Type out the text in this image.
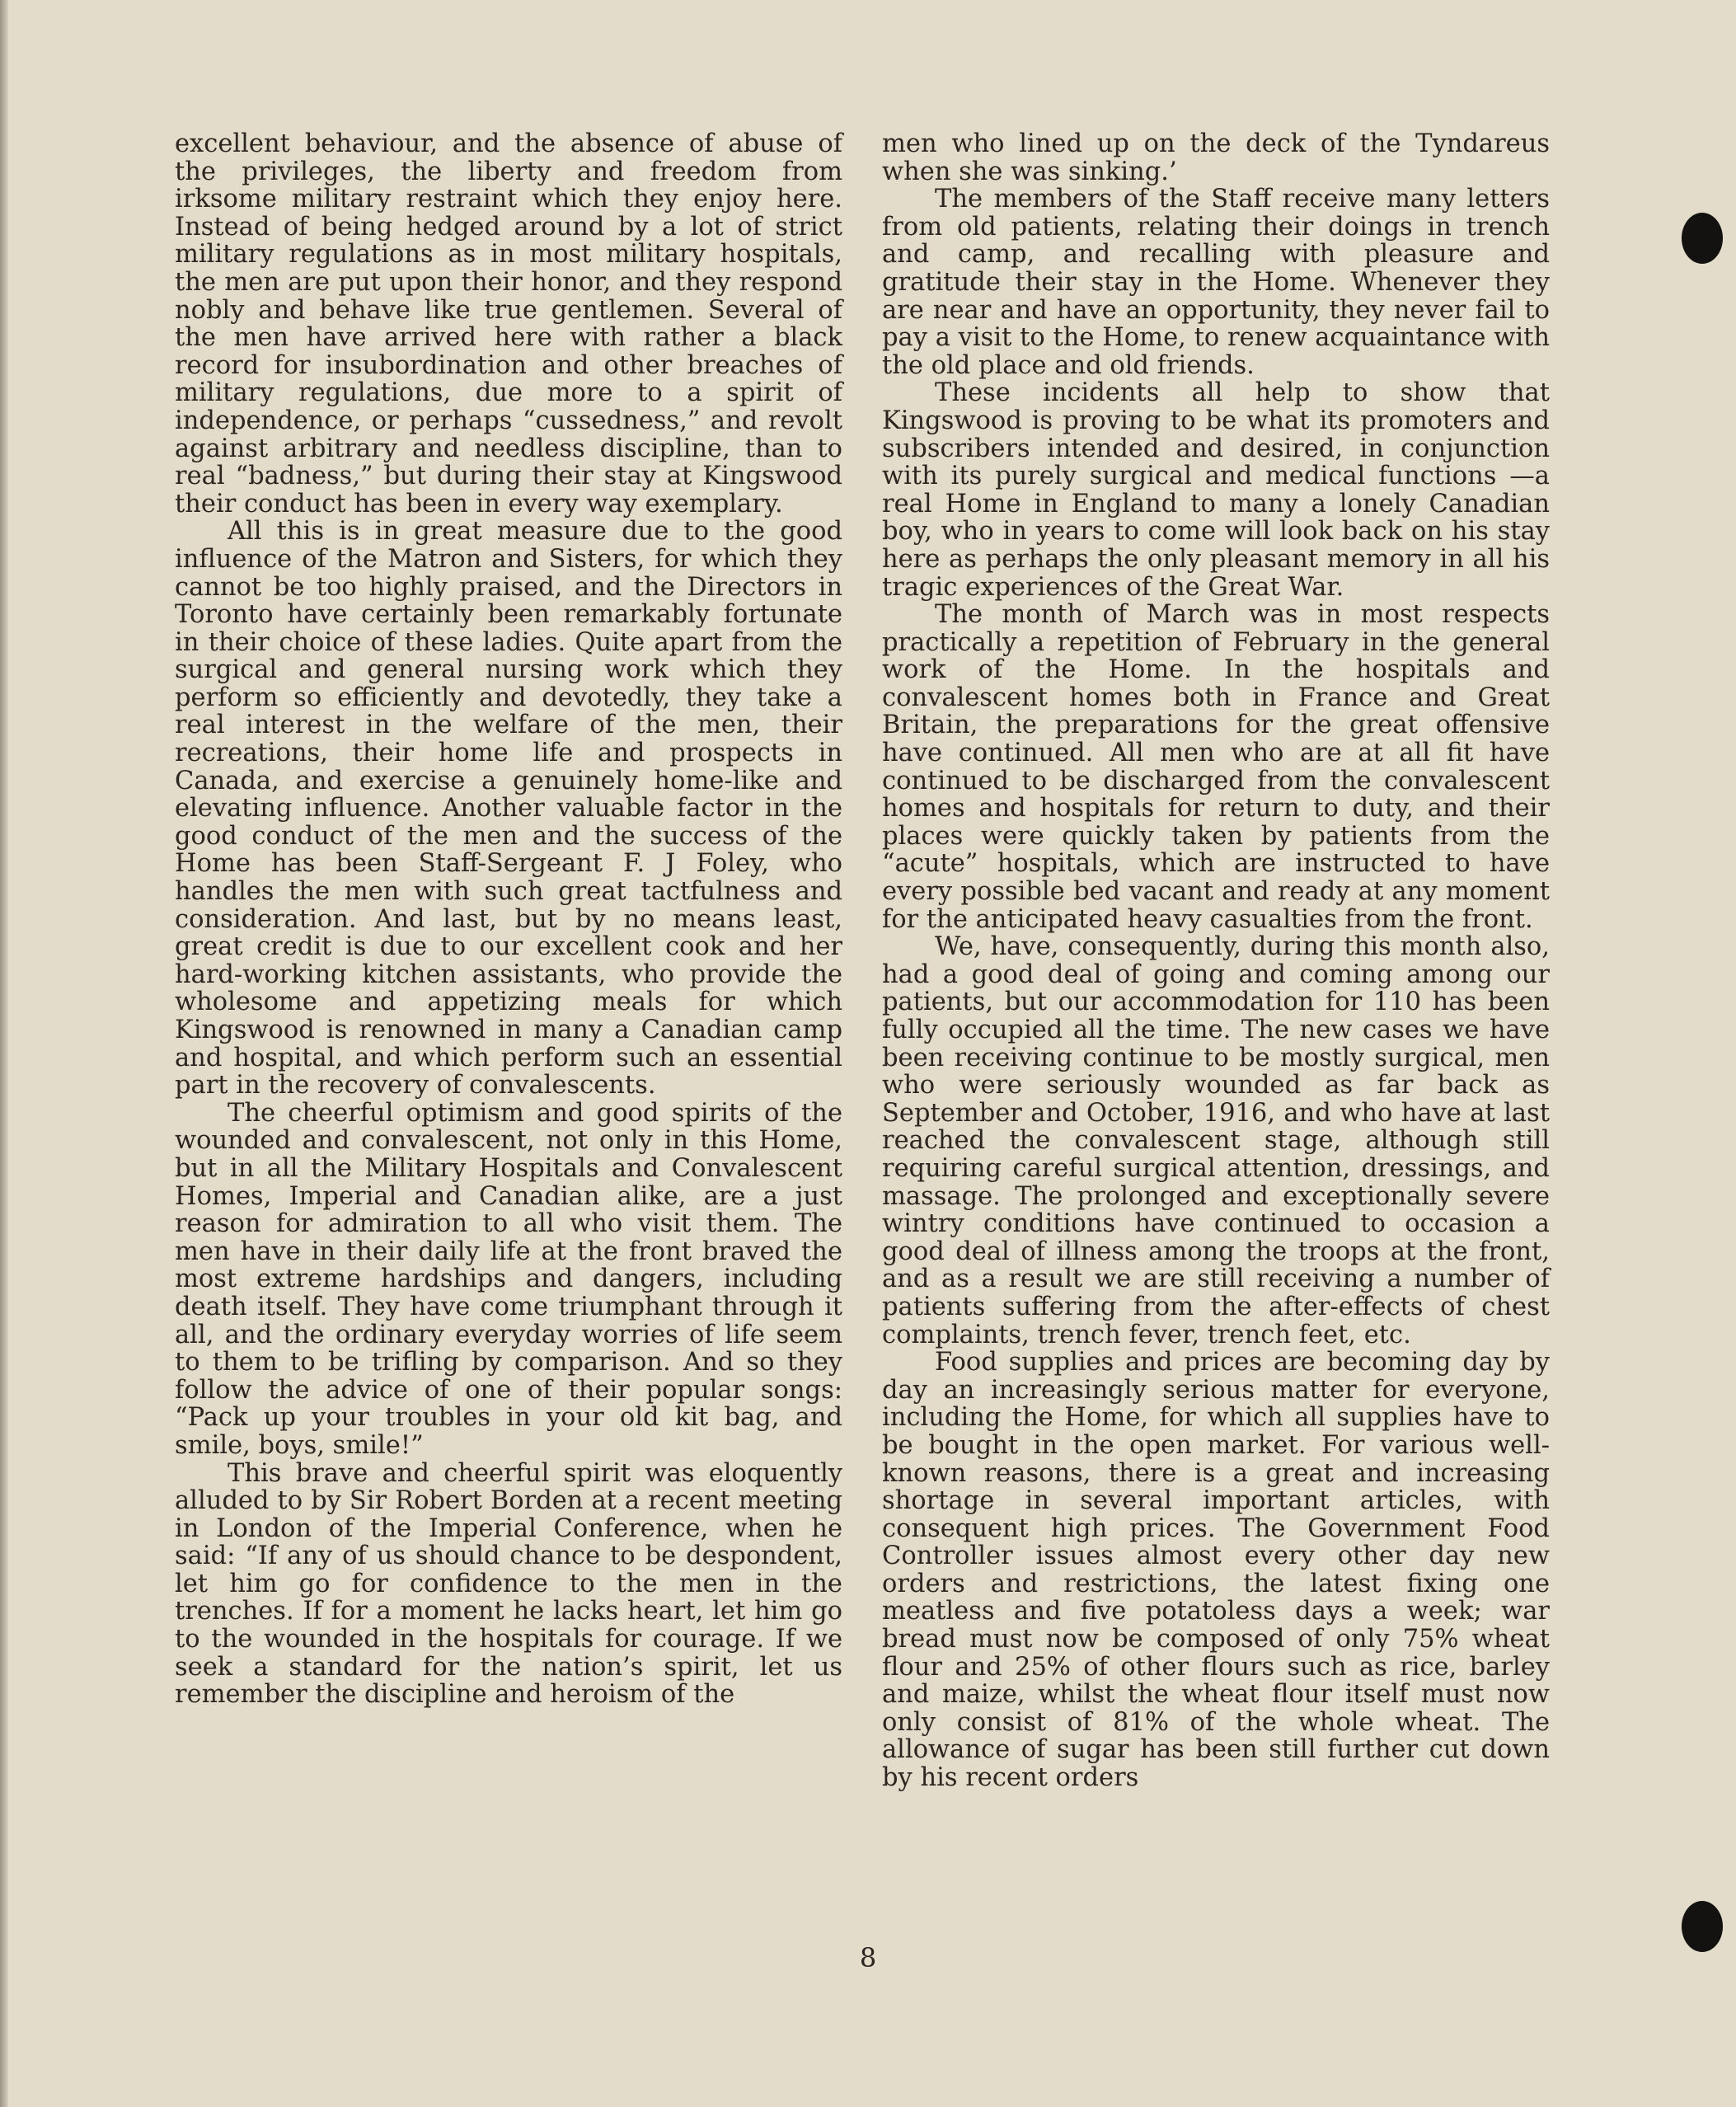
excellent behaviour, and the absence of abuse of the privileges, the liberty and freedom from irksome military restraint which they enjoy here. Instead of being hedged around by a lot of strict military regulations as in most military hospitals, the men are put upon their honor, and they respond nobly and behave like true gentlemen. Several of the men have arrived here with rather a black record for insubordination and other breaches of military regulations, due more to a spirit of independence, or perhaps “cussedness,” and revolt against arbitrary and needless discipline, than to real “badness,” but during their stay at Kingswood their conduct has been in every way exemplary.

All this is in great measure due to the good influence of the Matron and Sisters, for which they cannot be too highly praised, and the Directors in Toronto have certainly been remarkably fortunate in their choice of these ladies. Quite apart from the surgical and general nursing work which they perform so efficiently and devotedly, they take a real interest in the welfare of the men, their recreations, their home life and prospects in Canada, and exercise a genuinely home-like and elevating influence. Another valuable factor in the good conduct of the men and the success of the Home has been Staff-Sergeant F. J Foley, who handles the men with such great tactfulness and consideration. And last, but by no means least, great credit is due to our excellent cook and her hard-working kitchen assistants, who provide the wholesome and appetizing meals for which Kingswood is renowned in many a Canadian camp and hospital, and which perform such an essential part in the recovery of convalescents.

The cheerful optimism and good spirits of the wounded and convalescent, not only in this Home, but in all the Military Hospitals and Convalescent Homes, Imperial and Canadian alike, are a just reason for admiration to all who visit them. The men have in their daily life at the front braved the most extreme hardships and dangers, including death itself. They have come triumphant through it all, and the ordinary everyday worries of life seem to them to be trifling by comparison. And so they follow the advice of one of their popular songs: “Pack up your troubles in your old kit bag, and smile, boys, smile!”

This brave and cheerful spirit was eloquently alluded to by Sir Robert Borden at a recent meeting in London of the Imperial Conference, when he said: “If any of us should chance to be despondent, let him go for confidence to the men in the trenches. If for a moment he lacks heart, let him go to the wounded in the hospitals for courage. If we seek a standard for the nation’s spirit, let us remember the discipline and heroism of the

men who lined up on the deck of the Tyndareus when she was sinking.’

The members of the Staff receive many letters from old patients, relating their doings in trench and camp, and recalling with pleasure and gratitude their stay in the Home. Whenever they are near and have an opportunity, they never fail to pay a visit to the Home, to renew acquaintance with the old place and old friends.

These incidents all help to show that Kingswood is proving to be what its promoters and subscribers intended and desired, in conjunction with its purely surgical and medical functions —a real Home in England to many a lonely Canadian boy, who in years to come will look back on his stay here as perhaps the only pleasant memory in all his tragic experiences of the Great War.

The month of March was in most respects practically a repetition of February in the general work of the Home. In the hospitals and convalescent homes both in France and Great Britain, the preparations for the great offensive have continued. All men who are at all fit have continued to be discharged from the convalescent homes and hospitals for return to duty, and their places were quickly taken by patients from the “acute” hospitals, which are instructed to have every possible bed vacant and ready at any moment for the anticipated heavy casualties from the front.

We, have, consequently, during this month also, had a good deal of going and coming among our patients, but our accommodation for 110 has been fully occupied all the time. The new cases we have been receiving continue to be mostly surgical, men who were seriously wounded as far back as September and October, 1916, and who have at last reached the convalescent stage, although still requiring careful surgical attention, dressings, and massage. The prolonged and exceptionally severe wintry conditions have continued to occasion a good deal of illness among the troops at the front, and as a result we are still receiving a number of patients suffering from the after-effects of chest complaints, trench fever, trench feet, etc.

Food supplies and prices are becoming day by day an increasingly serious matter for everyone, including the Home, for which all supplies have to be bought in the open market. For various well-known reasons, there is a great and increasing shortage in several important articles, with consequent high prices. The Government Food Controller issues almost every other day new orders and restrictions, the latest fixing one meatless and five potatoless days a week; war bread must now be composed of only 75% wheat flour and 25% of other flours such as rice, barley and maize, whilst the wheat flour itself must now only consist of 81% of the whole wheat. The allowance of sugar has been still further cut down by his recent orders

8
